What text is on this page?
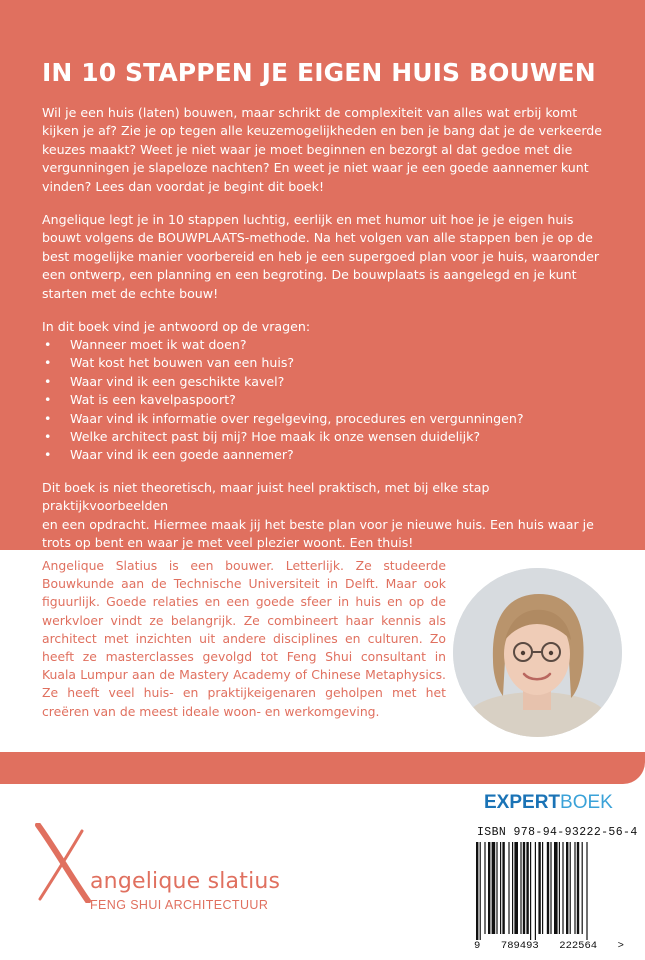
IN 10 STAPPEN JE EIGEN HUIS BOUWEN
Wil je een huis (laten) bouwen, maar schrikt de complexiteit van alles wat erbij komt
kijken je af? Zie je op tegen alle keuzemogelijkheden en ben je bang dat je de verkeerde
keuzes maakt? Weet je niet waar je moet beginnen en bezorgt al dat gedoe met die
vergunningen je slapeloze nachten? En weet je niet waar je een goede aannemer kunt
vinden? Lees dan voordat je begint dit boek!
Angelique legt je in 10 stappen luchtig, eerlijk en met humor uit hoe je je eigen huis
bouwt volgens de BOUWPLAATS-methode. Na het volgen van alle stappen ben je op de
best mogelijke manier voorbereid en heb je een supergoed plan voor je huis, waaronder
een ontwerp, een planning en een begroting. De bouwplaats is aangelegd en je kunt
starten met de echte bouw!
In dit boek vind je antwoord op de vragen:
• Wanneer moet ik wat doen?
• Wat kost het bouwen van een huis?
• Waar vind ik een geschikte kavel?
• Wat is een kavelpaspoort?
• Waar vind ik informatie over regelgeving, procedures en vergunningen?
• Welke architect past bij mij? Hoe maak ik onze wensen duidelijk?
• Waar vind ik een goede aannemer?
Dit boek is niet theoretisch, maar juist heel praktisch, met bij elke stap praktijkvoorbeelden
en een opdracht. Hiermee maak jij het beste plan voor je nieuwe huis. Een huis waar je
trots op bent en waar je met veel plezier woont. Een thuis!

Angelique Slatius is een bouwer. Letterlijk. Ze studeerde Bouwkunde aan de Technische Universiteit in Delft. Maar ook figuurlijk. Goede relaties en een goede sfeer in huis en op de werkvloer vindt ze belangrijk. Ze combineert haar kennis als architect met inzichten uit andere disciplines en culturen. Zo heeft ze masterclasses gevolgd tot Feng Shui consultant in Kuala Lumpur aan de Mastery Academy of Chinese Metaphysics. Ze heeft veel huis- en praktijkeigenaren geholpen met het creëren van de meest ideale woon- en werkomgeving.

angelique slatius
FENG SHUI ARCHITECTUUR
EXPERTBOEK
ISBN 978-94-93222-56-4
9 789493 222564 >
